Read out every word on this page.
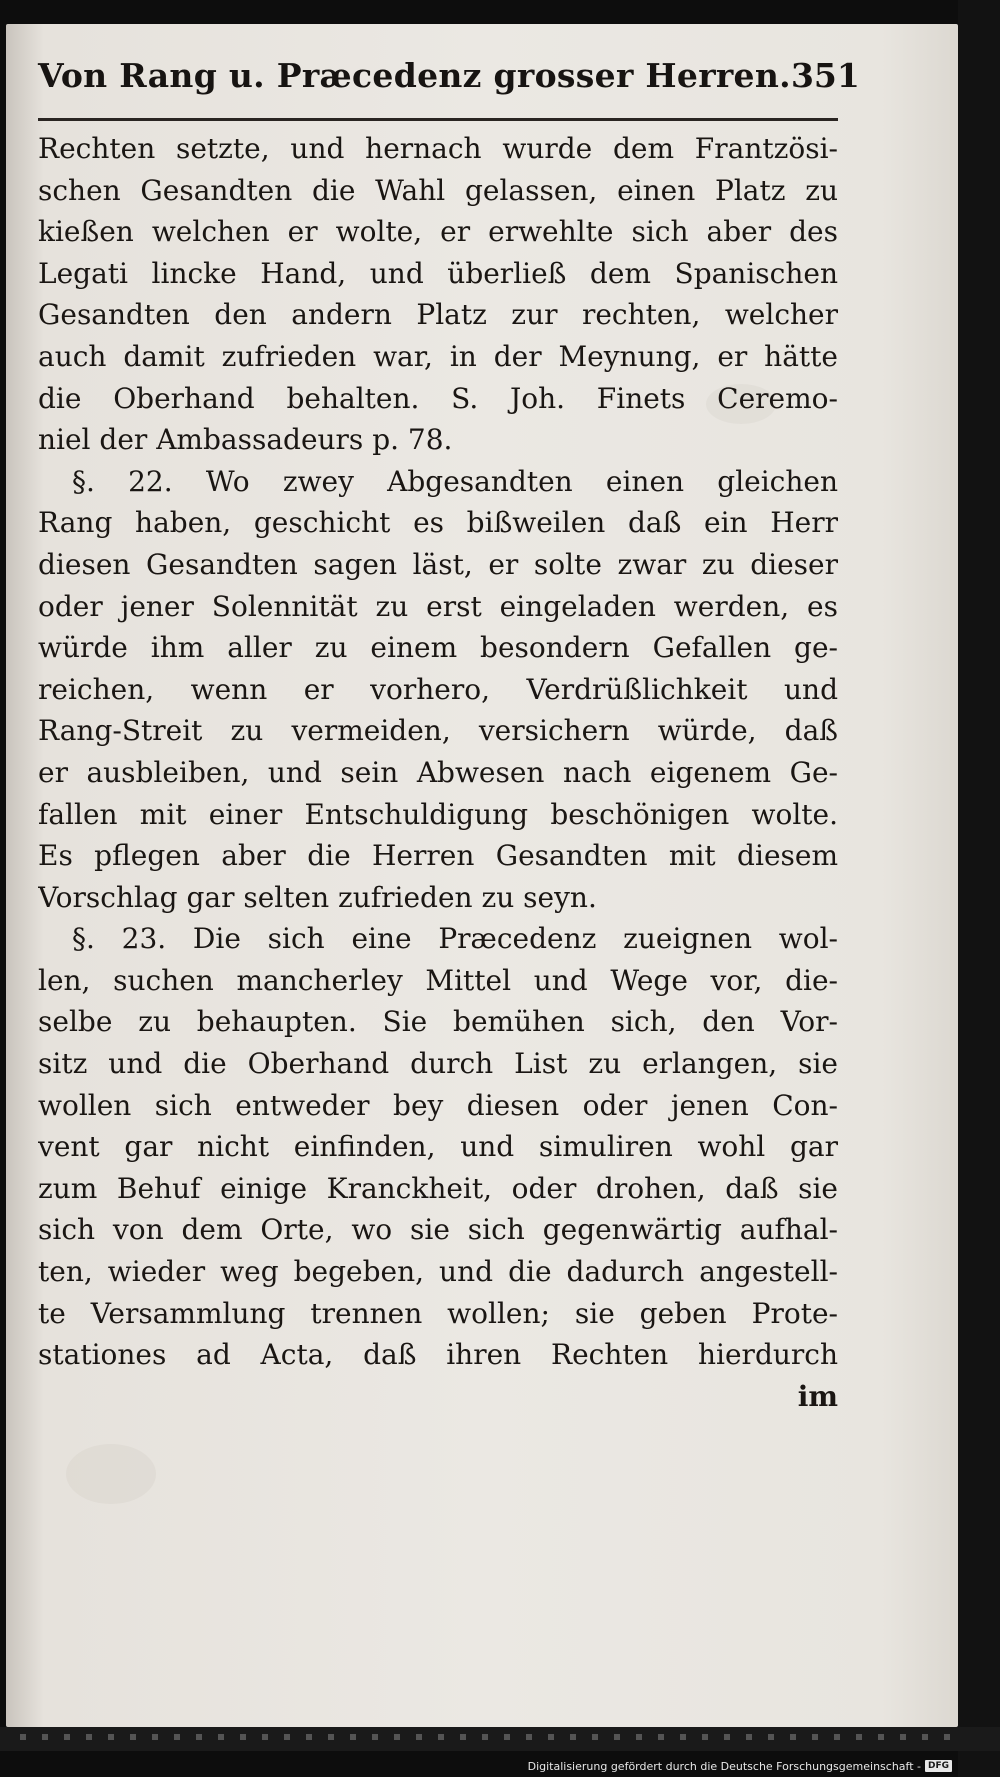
Von Rang u. Præcedenz grosser Herren. 351
Rechten setzte, und hernach wurde dem Frantzösi-
schen Gesandten die Wahl gelassen, einen Platz zu
kießen welchen er wolte, er erwehlte sich aber des
Legati lincke Hand, und überließ dem Spanischen
Gesandten den andern Platz zur rechten, welcher
auch damit zufrieden war, in der Meynung, er hätte
die Oberhand behalten. S. Joh. Finets Ceremo-
niel der Ambassadeurs p. 78.
§. 22. Wo zwey Abgesandten einen gleichen
Rang haben, geschicht es bißweilen daß ein Herr
diesen Gesandten sagen läst, er solte zwar zu dieser
oder jener Solennität zu erst eingeladen werden, es
würde ihm aller zu einem besondern Gefallen ge-
reichen, wenn er vorhero, Verdrüßlichkeit und
Rang-Streit zu vermeiden, versichern würde, daß
er ausbleiben, und sein Abwesen nach eigenem Ge-
fallen mit einer Entschuldigung beschönigen wolte.
Es pflegen aber die Herren Gesandten mit diesem
Vorschlag gar selten zufrieden zu seyn.
§. 23. Die sich eine Præcedenz zueignen wol-
len, suchen mancherley Mittel und Wege vor, die-
selbe zu behaupten. Sie bemühen sich, den Vor-
sitz und die Oberhand durch List zu erlangen, sie
wollen sich entweder bey diesen oder jenen Con-
vent gar nicht einfinden, und simuliren wohl gar
zum Behuf einige Kranckheit, oder drohen, daß sie
sich von dem Orte, wo sie sich gegenwärtig aufhal-
ten, wieder weg begeben, und die dadurch angestell-
te Versammlung trennen wollen; sie geben Prote-
stationes ad Acta, daß ihren Rechten hierdurch
im
Digitalisierung gefördert durch die Deutsche Forschungsgemeinschaft - DFG
